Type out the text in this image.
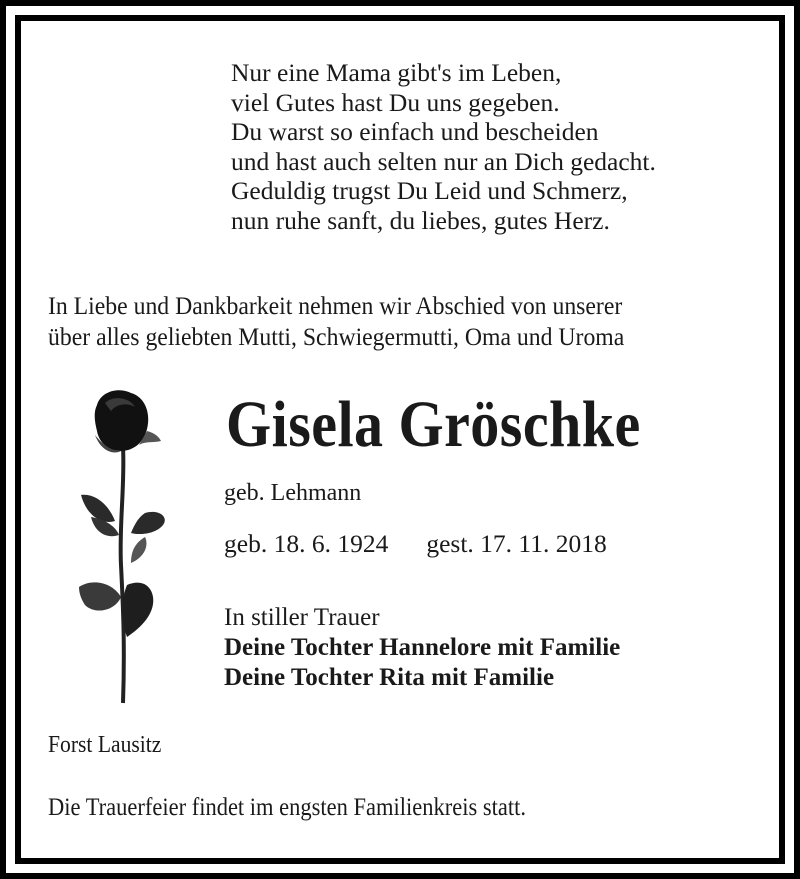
Nur eine Mama gibt's im Leben,
viel Gutes hast Du uns gegeben.
Du warst so einfach und bescheiden
und hast auch selten nur an Dich gedacht.
Geduldig trugst Du Leid und Schmerz,
nun ruhe sanft, du liebes, gutes Herz.
In Liebe und Dankbarkeit nehmen wir Abschied von unserer
über alles geliebten Mutti, Schwiegermutti, Oma und Uroma
Gisela Gröschke
geb. Lehmann
geb. 18. 6. 1924 gest. 17. 11. 2018
In stiller Trauer
Deine Tochter Hannelore mit Familie
Deine Tochter Rita mit Familie
Forst Lausitz
Die Trauerfeier findet im engsten Familienkreis statt.
